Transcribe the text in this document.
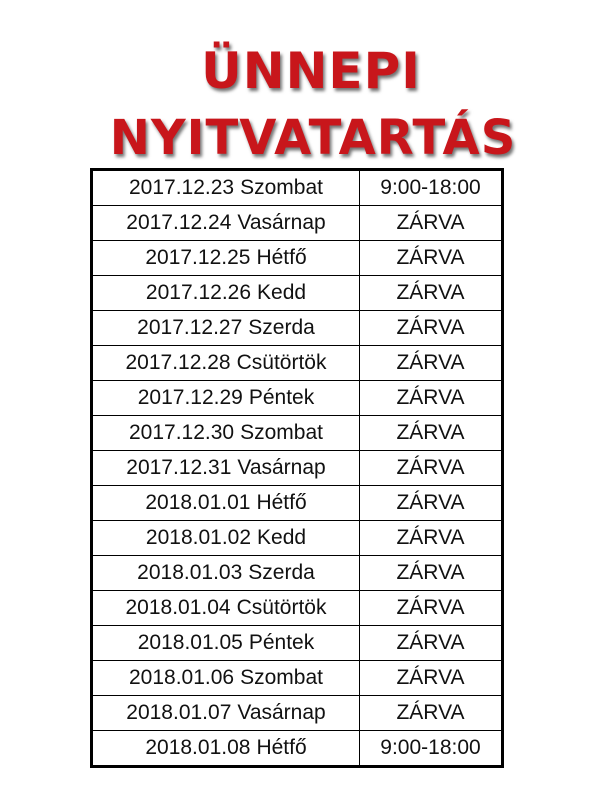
ÜNNEPI
NYITVATARTÁS
2017.12.23 Szombat	9:00-18:00
2017.12.24 Vasárnap	ZÁRVA
2017.12.25 Hétfő	ZÁRVA
2017.12.26 Kedd	ZÁRVA
2017.12.27 Szerda	ZÁRVA
2017.12.28 Csütörtök	ZÁRVA
2017.12.29 Péntek	ZÁRVA
2017.12.30 Szombat	ZÁRVA
2017.12.31 Vasárnap	ZÁRVA
2018.01.01 Hétfő	ZÁRVA
2018.01.02 Kedd	ZÁRVA
2018.01.03 Szerda	ZÁRVA
2018.01.04 Csütörtök	ZÁRVA
2018.01.05 Péntek	ZÁRVA
2018.01.06 Szombat	ZÁRVA
2018.01.07 Vasárnap	ZÁRVA
2018.01.08 Hétfő	9:00-18:00
